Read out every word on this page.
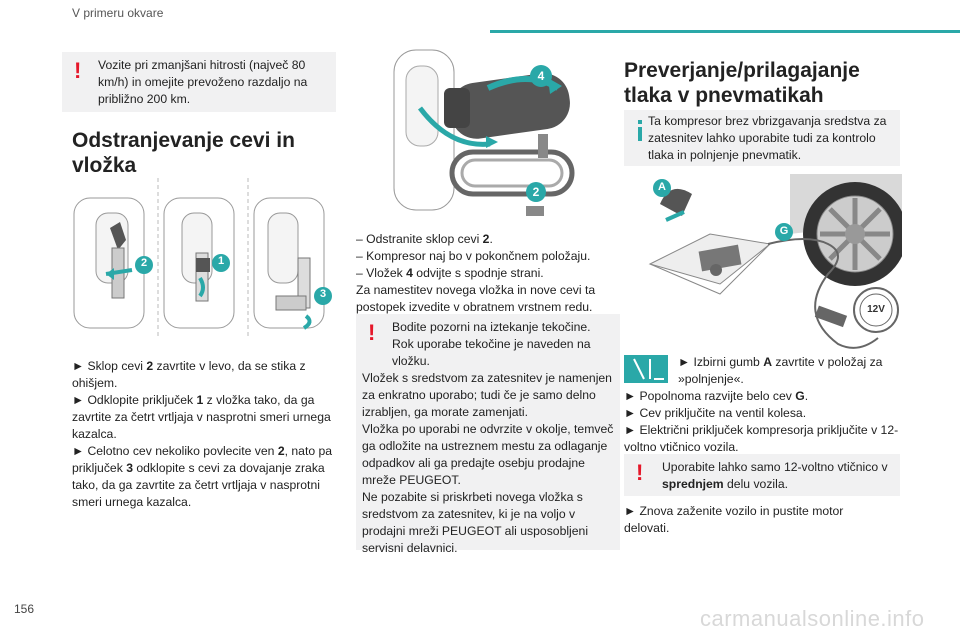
V primeru okvare
! Vozite pri zmanjšani hitrosti (največ 80 km/h) in omejite prevoženo razdaljo na približno 200 km.

Odstranjevanje cevi in vložka
2	1
3

► Sklop cevi 2 zavrtite v levo, da se stika z ohišjem.

► Odklopite priključek 1 z vložka tako, da ga zavrtite za četrt vrtljaja v nasprotni smeri urnega kazalca.

► Celotno cev nekoliko povlecite ven 2, nato pa priključek 3 odklopite s cevi za dovajanje zraka tako, da ga zavrtite za četrt vrtljaja v nasprotni smeri urnega kazalca.

4
2

– Odstranite sklop cevi 2.

– Kompresor naj bo v pokončnem položaju.

– Vložek 4 odvijte s spodnje strani.

Za namestitev novega vložka in nove cevi ta postopek izvedite v obratnem vrstnem redu.

!	Bodite pozorni na iztekanje tekočine.

Rok uporabe tekočine je naveden na vložku.

Vložek s sredstvom za zatesnitev je namenjen za enkratno uporabo; tudi če je samo delno izrabljen, ga morate zamenjati.

Vložka po uporabi ne odvrzite v okolje, temveč ga odložite na ustreznem mestu za odlaganje odpadkov ali ga predajte osebju prodajne mreže PEUGEOT.

Ne pozabite si priskrbeti novega vložka s sredstvom za zatesnitev, ki je na voljo v prodajni mreži PEUGEOT ali usposobljeni servisni delavnici.

Preverjanje/prilagajanje tlaka v pnevmatikah

Ta kompresor brez vbrizgavanja sredstva za zatesnitev lahko uporabite tudi za kontrolo tlaka in polnjenje pnevmatik.

A
G
12V

► Izbirni gumb A zavrtite v položaj za »polnjenje«.

► Popolnoma razvijte belo cev G.

► Cev priključite na ventil kolesa.

► Električni priključek kompresorja priključite v 12-voltno vtičnico vozila.

! Uporabite lahko samo 12-voltno vtičnico v sprednjem delu vozila.

► Znova zaženite vozilo in pustite motor delovati.

156	carmanualsonline.info
